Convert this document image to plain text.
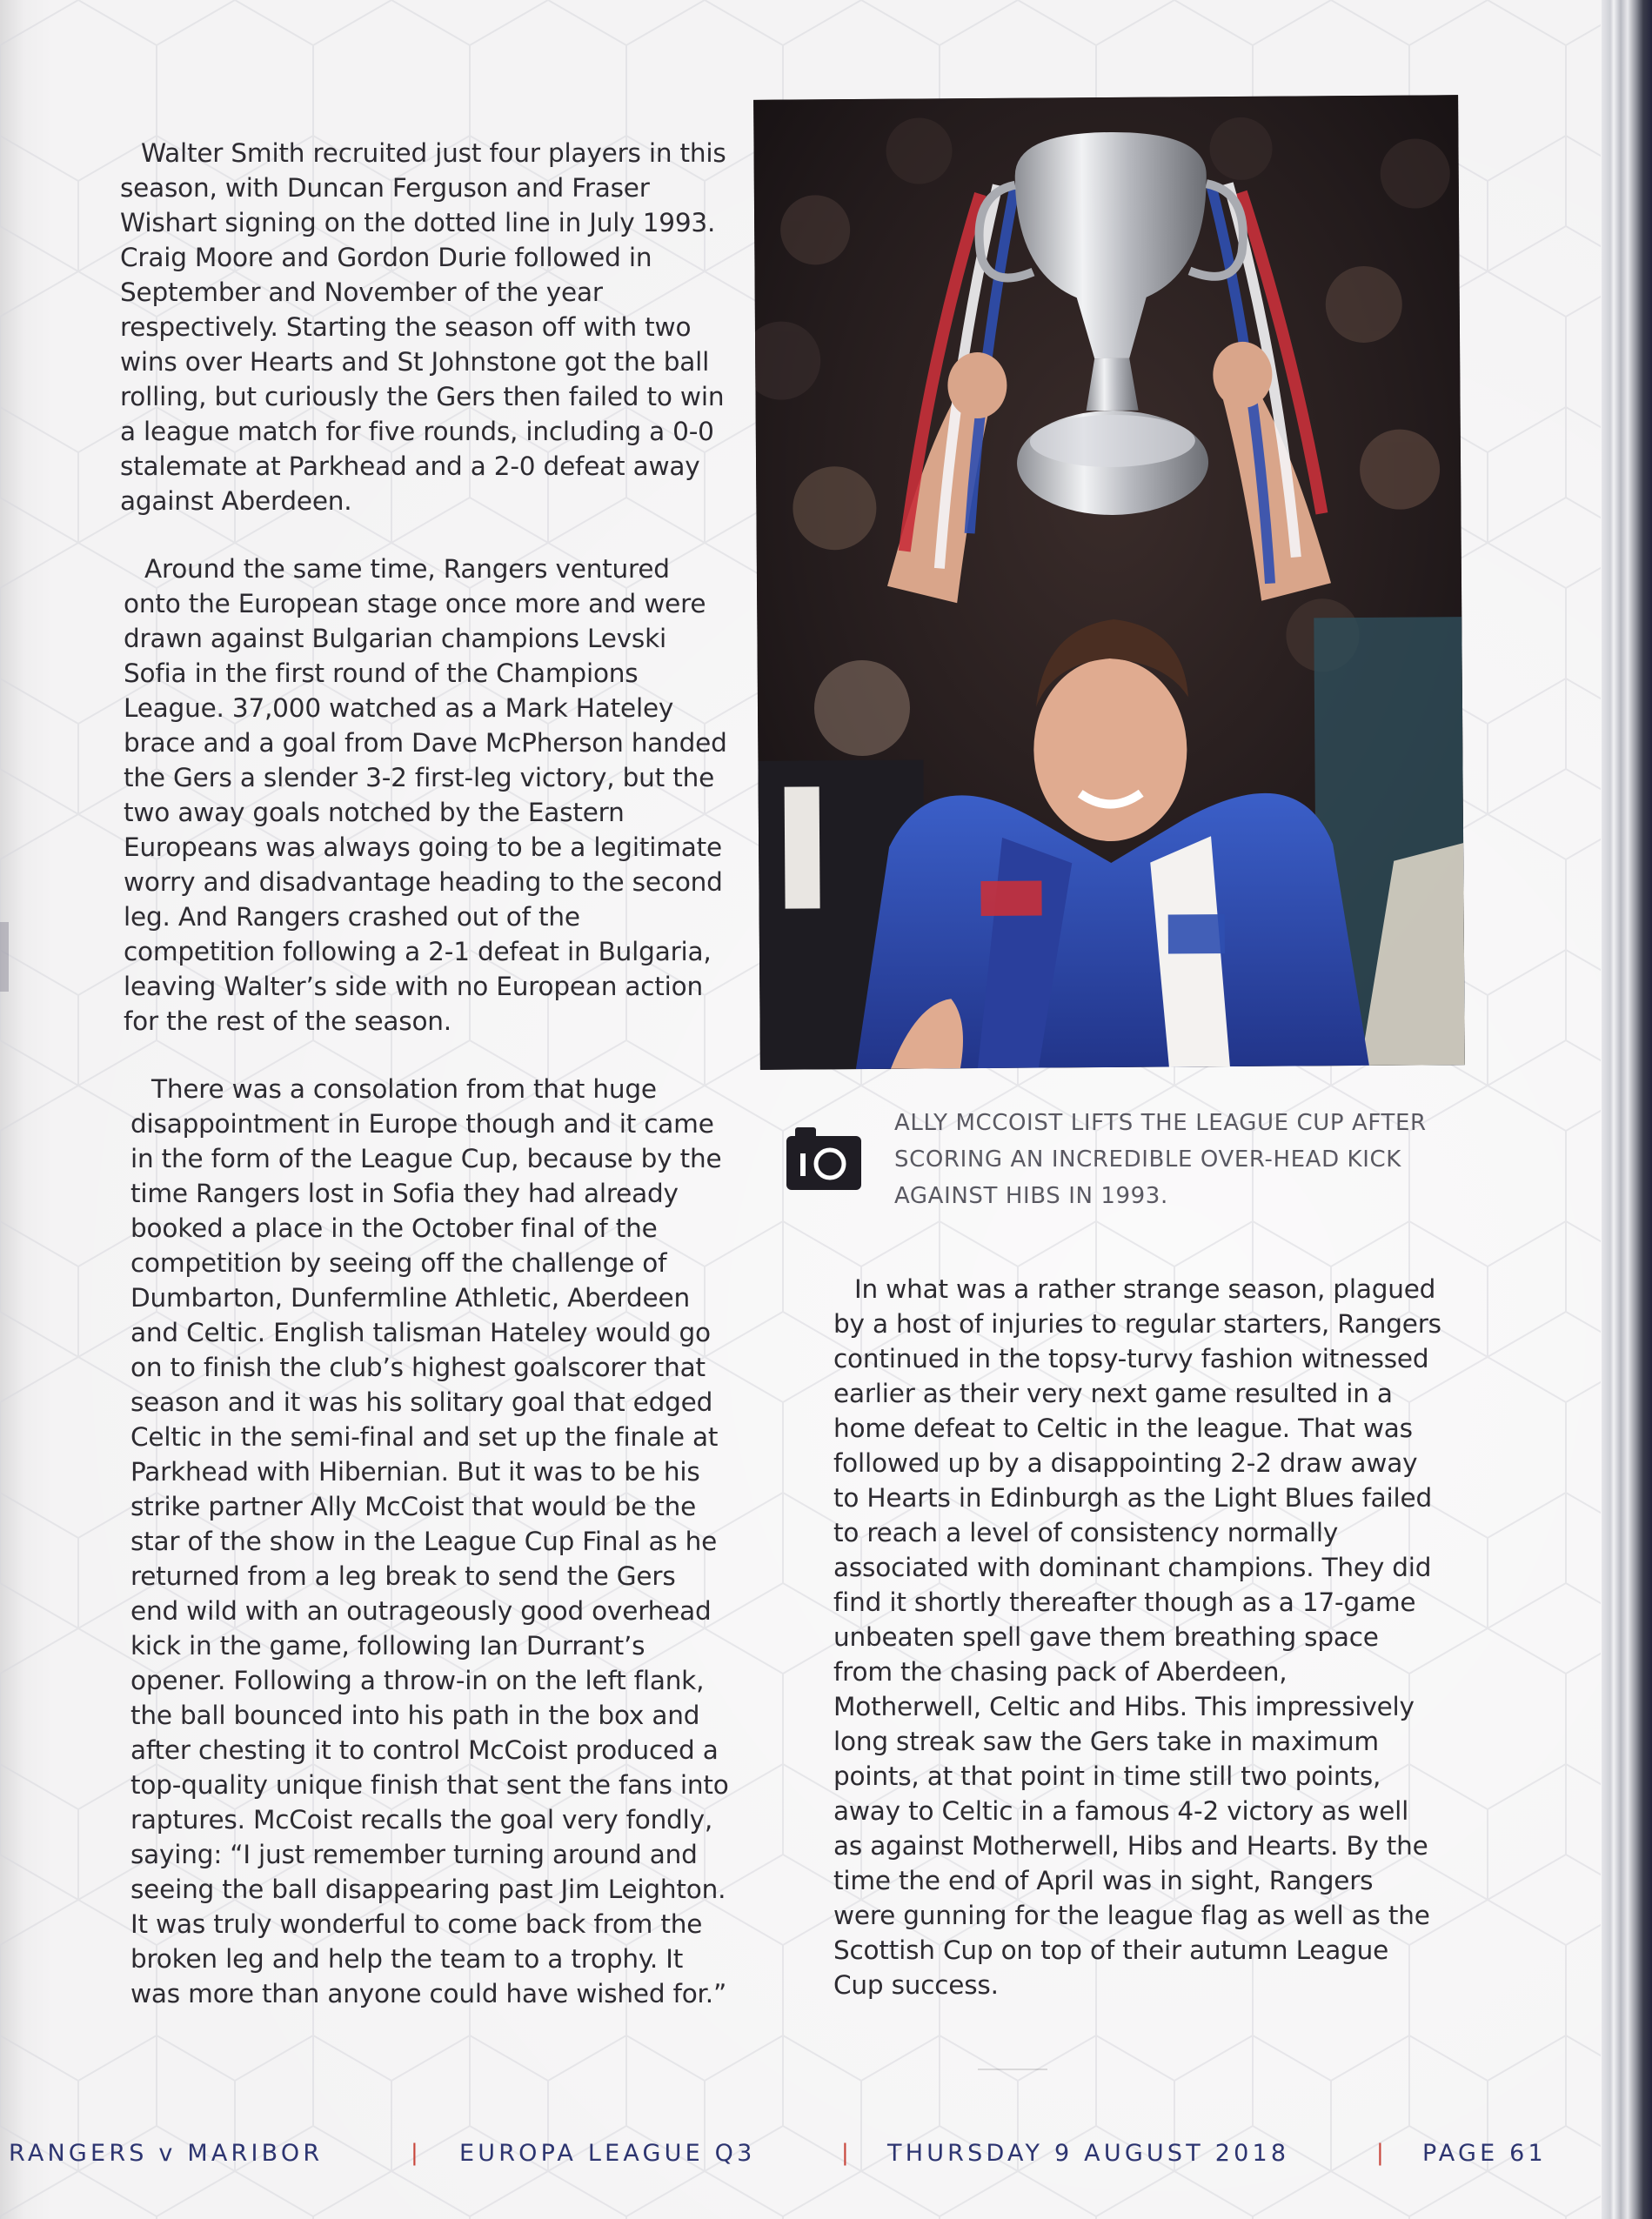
Walter Smith recruited just four players in this season, with Duncan Ferguson and Fraser Wishart signing on the dotted line in July 1993. Craig Moore and Gordon Durie followed in September and November of the year respectively. Starting the season off with two wins over Hearts and St Johnstone got the ball rolling, but curiously the Gers then failed to win a league match for five rounds, including a 0-0 stalemate at Parkhead and a 2-0 defeat away against Aberdeen.

Around the same time, Rangers ventured onto the European stage once more and were drawn against Bulgarian champions Levski Sofia in the first round of the Champions League. 37,000 watched as a Mark Hateley brace and a goal from Dave McPherson handed the Gers a slender 3-2 first-leg victory, but the two away goals notched by the Eastern Europeans was always going to be a legitimate worry and disadvantage heading to the second leg. And Rangers crashed out of the competition following a 2-1 defeat in Bulgaria, leaving Walter’s side with no European action for the rest of the season.

There was a consolation from that huge disappointment in Europe though and it came in the form of the League Cup, because by the time Rangers lost in Sofia they had already booked a place in the October final of the competition by seeing off the challenge of Dumbarton, Dunfermline Athletic, Aberdeen and Celtic. English talisman Hateley would go on to finish the club’s highest goalscorer that season and it was his solitary goal that edged Celtic in the semi-final and set up the finale at Parkhead with Hibernian. But it was to be his strike partner Ally McCoist that would be the star of the show in the League Cup Final as he returned from a leg break to send the Gers end wild with an outrageously good overhead kick in the game, following Ian Durrant’s opener. Following a throw-in on the left flank, the ball bounced into his path in the box and after chesting it to control McCoist produced a top-quality unique finish that sent the fans into raptures. McCoist recalls the goal very fondly, saying: “I just remember turning around and seeing the ball disappearing past Jim Leighton. It was truly wonderful to come back from the broken leg and help the team to a trophy. It was more than anyone could have wished for.”

ALLY MCCOIST LIFTS THE LEAGUE CUP AFTER SCORING AN INCREDIBLE OVER-HEAD KICK AGAINST HIBS IN 1993.

In what was a rather strange season, plagued by a host of injuries to regular starters, Rangers continued in the topsy-turvy fashion witnessed earlier as their very next game resulted in a home defeat to Celtic in the league. That was followed up by a disappointing 2-2 draw away to Hearts in Edinburgh as the Light Blues failed to reach a level of consistency normally associated with dominant champions. They did find it shortly thereafter though as a 17-game unbeaten spell gave them breathing space from the chasing pack of Aberdeen, Motherwell, Celtic and Hibs. This impressively long streak saw the Gers take in maximum points, at that point in time still two points, away to Celtic in a famous 4-2 victory as well as against Motherwell, Hibs and Hearts. By the time the end of April was in sight, Rangers were gunning for the league flag as well as the Scottish Cup on top of their autumn League Cup success.

RANGERS v MARIBOR	| EUROPA LEAGUE Q3	| THURSDAY 9 AUGUST 2018	| PAGE 61
